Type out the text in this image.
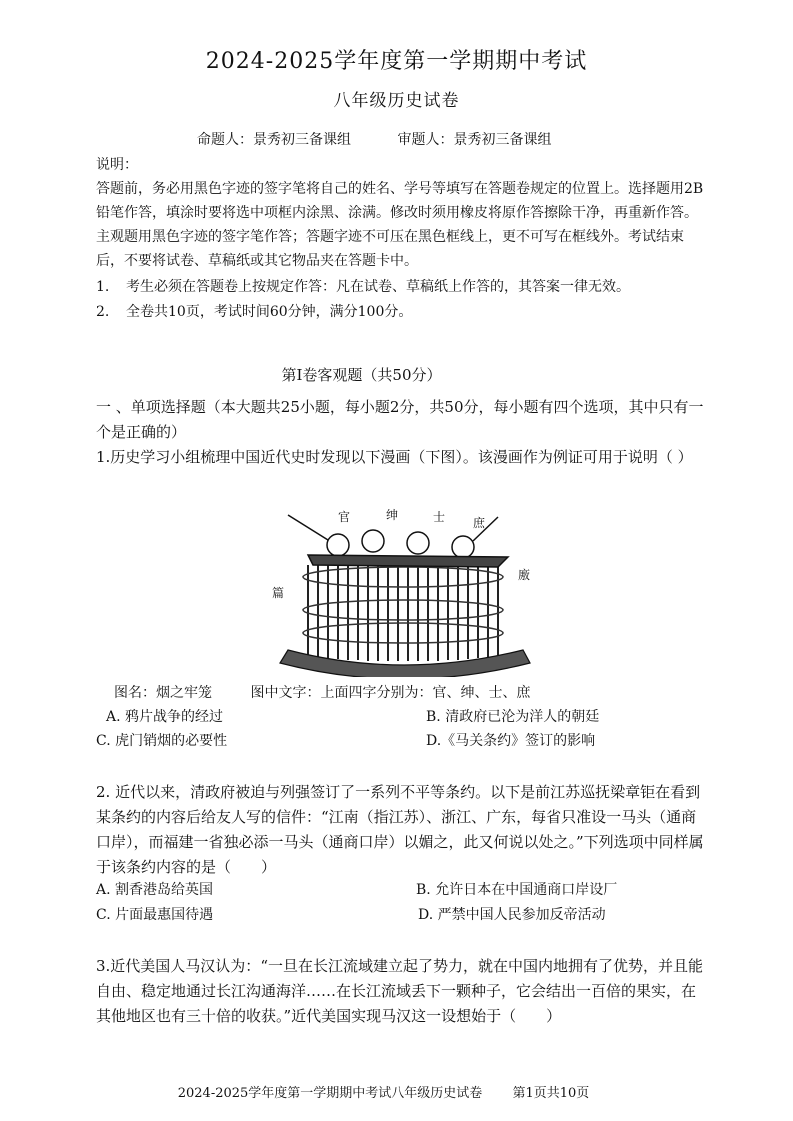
2024-2025学年度第一学期期中考试
八年级历史试卷
命题人：景秀初三备课组	审题人：景秀初三备课组
说明：
答题前，务必用黑色字迹的签字笔将自己的姓名、学号等填写在答题卷规定的位置上。选择题用2B铅笔作答，填涂时要将选中项框内涂黑、涂满。修改时须用橡皮将原作答擦除干净，再重新作答。主观题用黑色字迹的签字笔作答；答题字迹不可压在黑色框线上，更不可写在框线外。考试结束后，不要将试卷、草稿纸或其它物品夹在答题卡中。
1. 考生必须在答题卷上按规定作答：凡在试卷、草稿纸上作答的，其答案一律无效。
2. 全卷共10页，考试时间60分钟，满分100分。
第I卷客观题（共50分）
一 、单项选择题（本大题共25小题，每小题2分，共50分，每小题有四个选项，其中只有一个是正确的）
1.历史学习小组梳理中国近代史时发现以下漫画（下图）。该漫画作为例证可用于说明（ ）
官	绅	士 庶
篇
廒
图名：烟之牢笼	图中文字：上面四字分别为：官、绅、士、庶
A. 鸦片战争的经过	B. 清政府已沦为洋人的朝廷
C. 虎门销烟的必要性	D.《马关条约》签订的影响
2. 近代以来，清政府被迫与列强签订了一系列不平等条约。以下是前江苏巡抚梁章钜在看到某条约的内容后给友人写的信件：“江南（指江苏）、浙江、广东，每省只准设一马头（通商口岸），而福建一省独必添一马头（通商口岸）以媚之，此又何说以处之。”下列选项中同样属于该条约内容的是（　　）
A. 割香港岛给英国	B. 允许日本在中国通商口岸设厂
C. 片面最惠国待遇	D. 严禁中国人民参加反帝活动
3.近代美国人马汉认为：“一旦在长江流域建立起了势力，就在中国内地拥有了优势，并且能自由、稳定地通过长江沟通海洋……在长江流域丢下一颗种子，它会结出一百倍的果实，在其他地区也有三十倍的收获。”近代美国实现马汉这一设想始于（　　）
2024-2025学年度第一学期期中考试八年级历史试卷 第1页共10页
